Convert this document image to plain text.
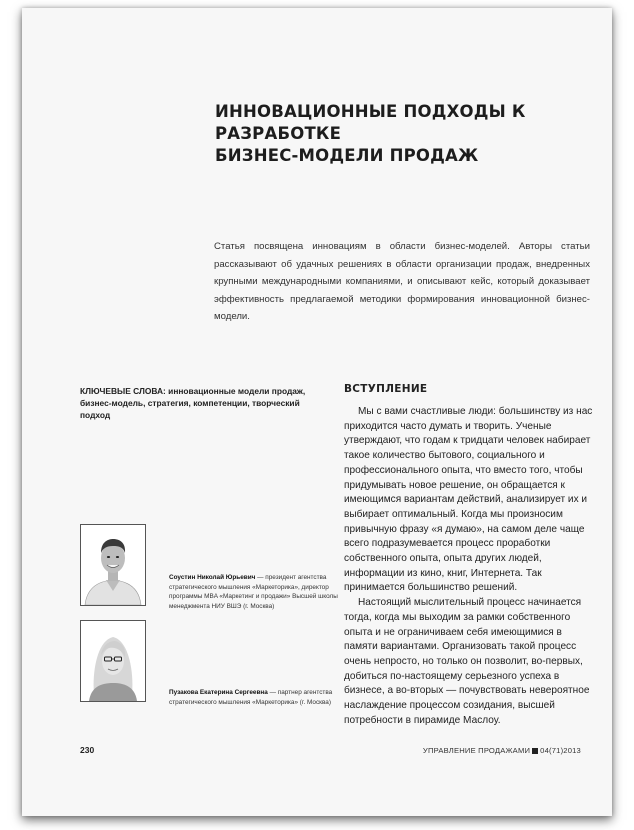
ИННОВАЦИОННЫЕ ПОДХОДЫ К РАЗРАБОТКЕ
БИЗНЕС-МОДЕЛИ ПРОДАЖ

Статья посвящена инновациям в области бизнес-моделей. Авторы статьи рассказывают об удачных решениях в области организации продаж, внедренных крупными международными компаниями, и описывают кейс, который доказывает эффективность предлагаемой методики формирования инновационной бизнес-модели.

КЛЮЧЕВЫЕ СЛОВА: инновационные модели продаж, бизнес-модель, стратегия, компетенции, творческий подход

ВСТУПЛЕНИЕ

Мы с вами счастливые люди: большинству из нас приходится часто думать и творить. Ученые утверждают, что годам к тридцати человек набирает такое количество бытового, социального и профессионального опыта, что вместо того, чтобы придумывать новое решение, он обращается к имеющимся вариантам действий, анализирует их и выбирает оптимальный. Когда мы произносим привычную фразу «я думаю», на самом деле чаще всего подразумевается процесс проработки собственного опыта, опыта других людей, информации из кино, книг, Интернета. Так принимается большинство решений.

Настоящий мыслительный процесс начинается тогда, когда мы выходим за рамки собственного опыта и не ограничиваем себя имеющимися в памяти вариантами. Организовать такой процесс очень непросто, но только он позволит, во-первых, добиться по-настоящему серьезного успеха в бизнесе, а во-вторых — почувствовать невероятное наслаждение процессом созидания, высшей потребности в пирамиде Маслоу.

Соустин Николай Юрьевич — президент агентства стратегического мышления «Маркеторика», директор программы MBA «Маркетинг и продажи» Высшей школы менеджмента НИУ ВШЭ (г. Москва)

Пузакова Екатерина Сергеевна — партнер агентства стратегического мышления «Маркеторика» (г. Москва)

230	УПРАВЛЕНИЕ ПРОДАЖАМИ 04(71)2013
